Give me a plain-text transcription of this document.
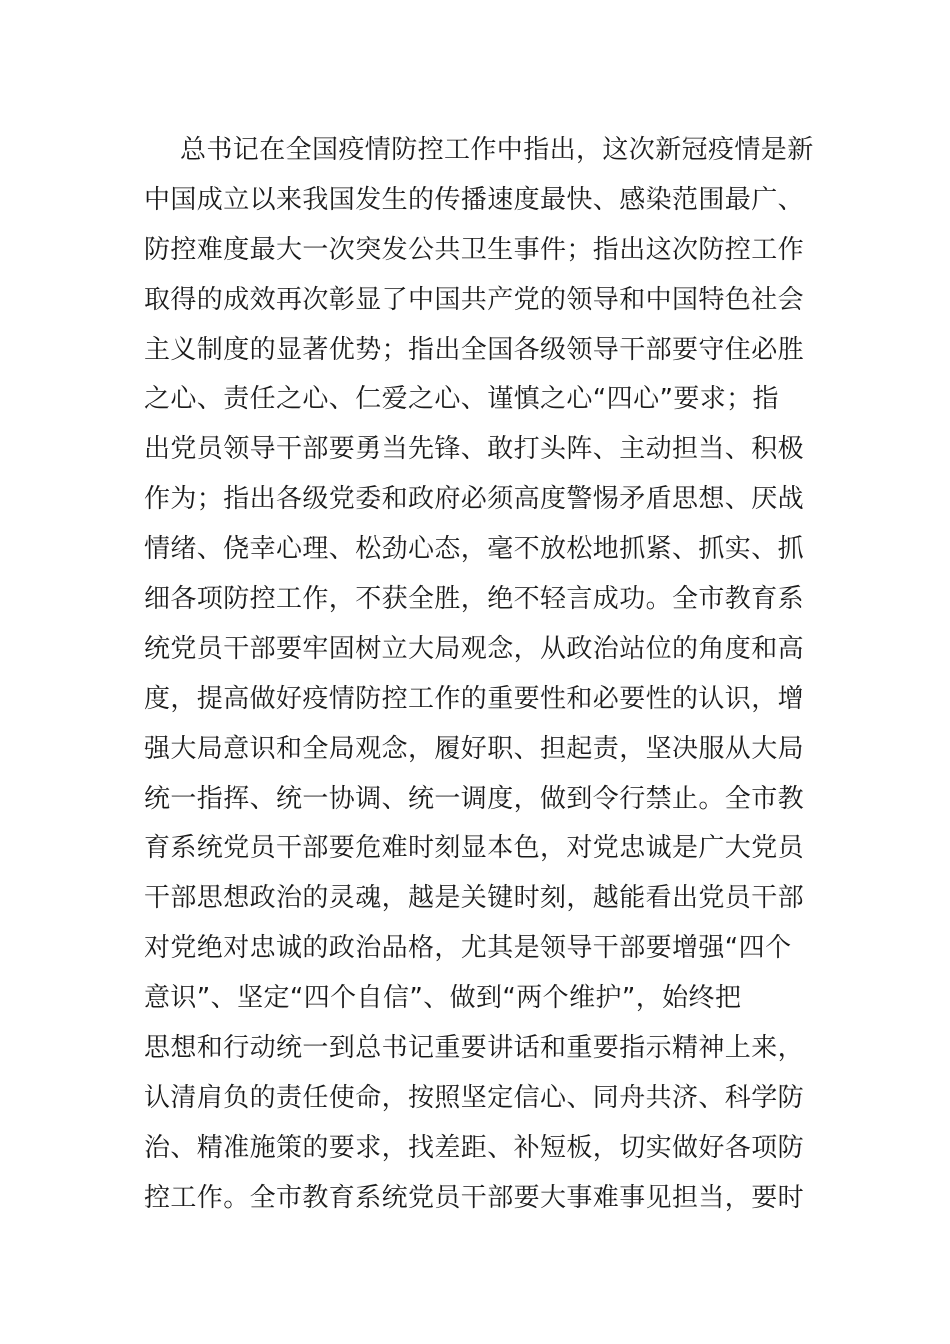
总书记在全国疫情防控工作中指出，这次新冠疫情是新
中国成立以来我国发生的传播速度最快、感染范围最广、
防控难度最大一次突发公共卫生事件；指出这次防控工作
取得的成效再次彰显了中国共产党的领导和中国特色社会
主义制度的显著优势；指出全国各级领导干部要守住必胜
之心、责任之心、仁爱之心、谨慎之心“四心”要求；指
出党员领导干部要勇当先锋、敢打头阵、主动担当、积极
作为；指出各级党委和政府必须高度警惕矛盾思想、厌战
情绪、侥幸心理、松劲心态，毫不放松地抓紧、抓实、抓
细各项防控工作，不获全胜，绝不轻言成功。全市教育系
统党员干部要牢固树立大局观念，从政治站位的角度和高
度，提高做好疫情防控工作的重要性和必要性的认识，增
强大局意识和全局观念，履好职、担起责，坚决服从大局
统一指挥、统一协调、统一调度，做到令行禁止。全市教
育系统党员干部要危难时刻显本色，对党忠诚是广大党员
干部思想政治的灵魂，越是关键时刻，越能看出党员干部
对党绝对忠诚的政治品格，尤其是领导干部要增强“四个
意识”、坚定“四个自信”、做到“两个维护”，始终把
思想和行动统一到总书记重要讲话和重要指示精神上来，
认清肩负的责任使命，按照坚定信心、同舟共济、科学防
治、精准施策的要求，找差距、补短板，切实做好各项防
控工作。全市教育系统党员干部要大事难事见担当，要时
